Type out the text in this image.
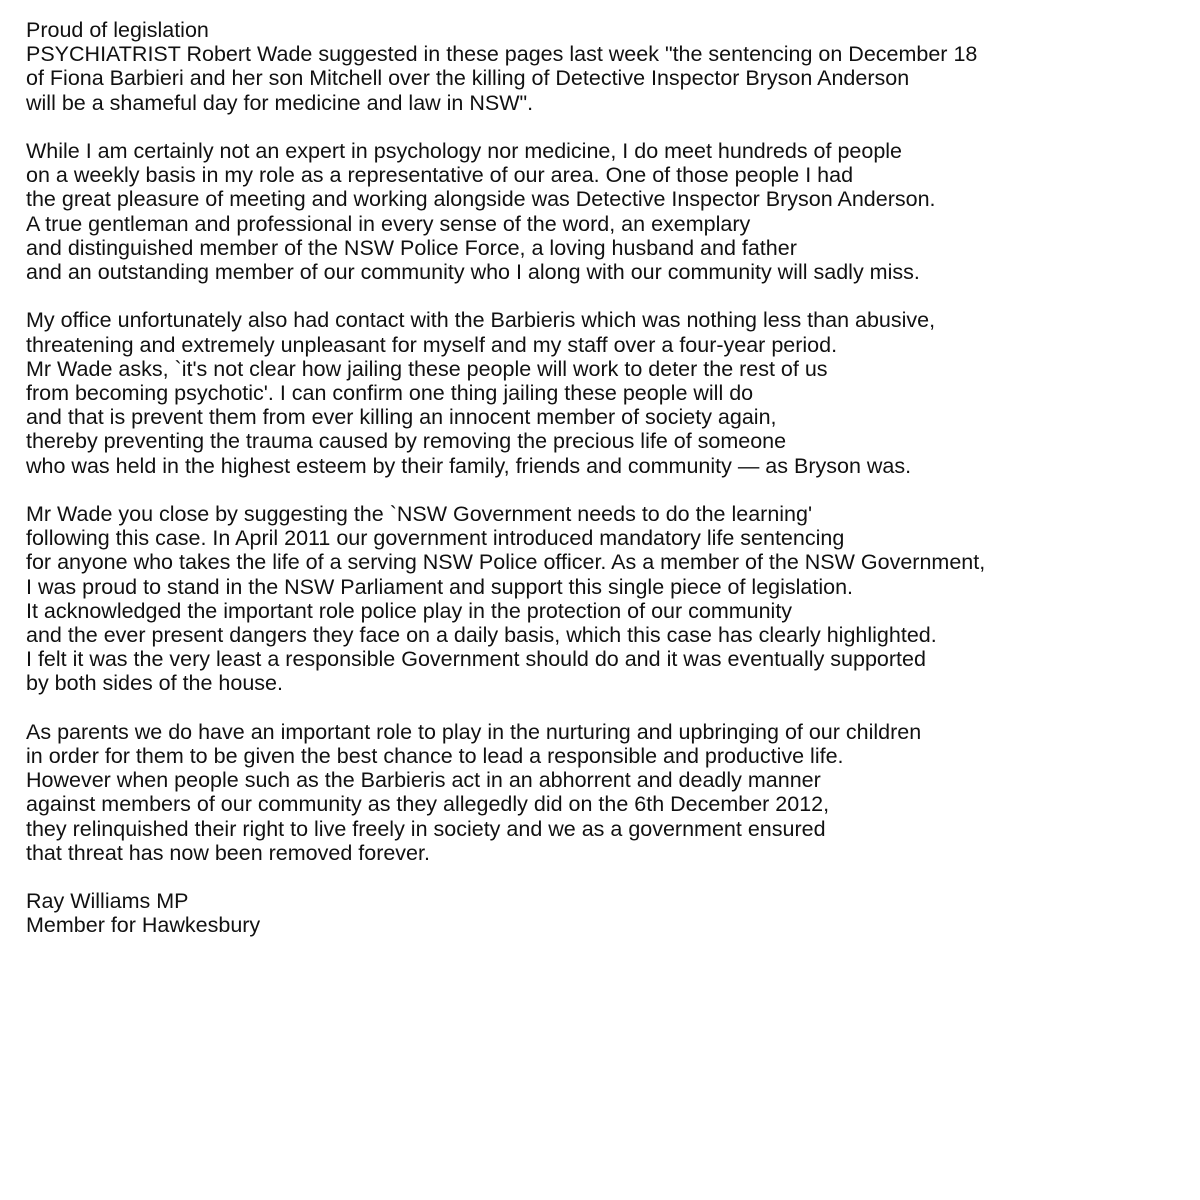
Proud of legislation
PSYCHIATRIST Robert Wade suggested in these pages last week "the sentencing on December 18
of Fiona Barbieri and her son Mitchell over the killing of Detective Inspector Bryson Anderson
will be a shameful day for medicine and law in NSW".
While I am certainly not an expert in psychology nor medicine, I do meet hundreds of people
on a weekly basis in my role as a representative of our area. One of those people I had
the great pleasure of meeting and working alongside was Detective Inspector Bryson Anderson.
A true gentleman and professional in every sense of the word, an exemplary
and distinguished member of the NSW Police Force, a loving husband and father
and an outstanding member of our community who I along with our community will sadly miss.
My office unfortunately also had contact with the Barbieris which was nothing less than abusive,
threatening and extremely unpleasant for myself and my staff over a four-year period.
Mr Wade asks, `it's not clear how jailing these people will work to deter the rest of us
from becoming psychotic'. I can confirm one thing jailing these people will do
and that is prevent them from ever killing an innocent member of society again,
thereby preventing the trauma caused by removing the precious life of someone
who was held in the highest esteem by their family, friends and community — as Bryson was.
Mr Wade you close by suggesting the `NSW Government needs to do the learning'
following this case. In April 2011 our government introduced mandatory life sentencing
for anyone who takes the life of a serving NSW Police officer. As a member of the NSW Government,
I was proud to stand in the NSW Parliament and support this single piece of legislation.
It acknowledged the important role police play in the protection of our community
and the ever present dangers they face on a daily basis, which this case has clearly highlighted.
I felt it was the very least a responsible Government should do and it was eventually supported
by both sides of the house.
As parents we do have an important role to play in the nurturing and upbringing of our children
in order for them to be given the best chance to lead a responsible and productive life.
However when people such as the Barbieris act in an abhorrent and deadly manner
against members of our community as they allegedly did on the 6th December 2012,
they relinquished their right to live freely in society and we as a government ensured
that threat has now been removed forever.
Ray Williams MP
Member for Hawkesbury
